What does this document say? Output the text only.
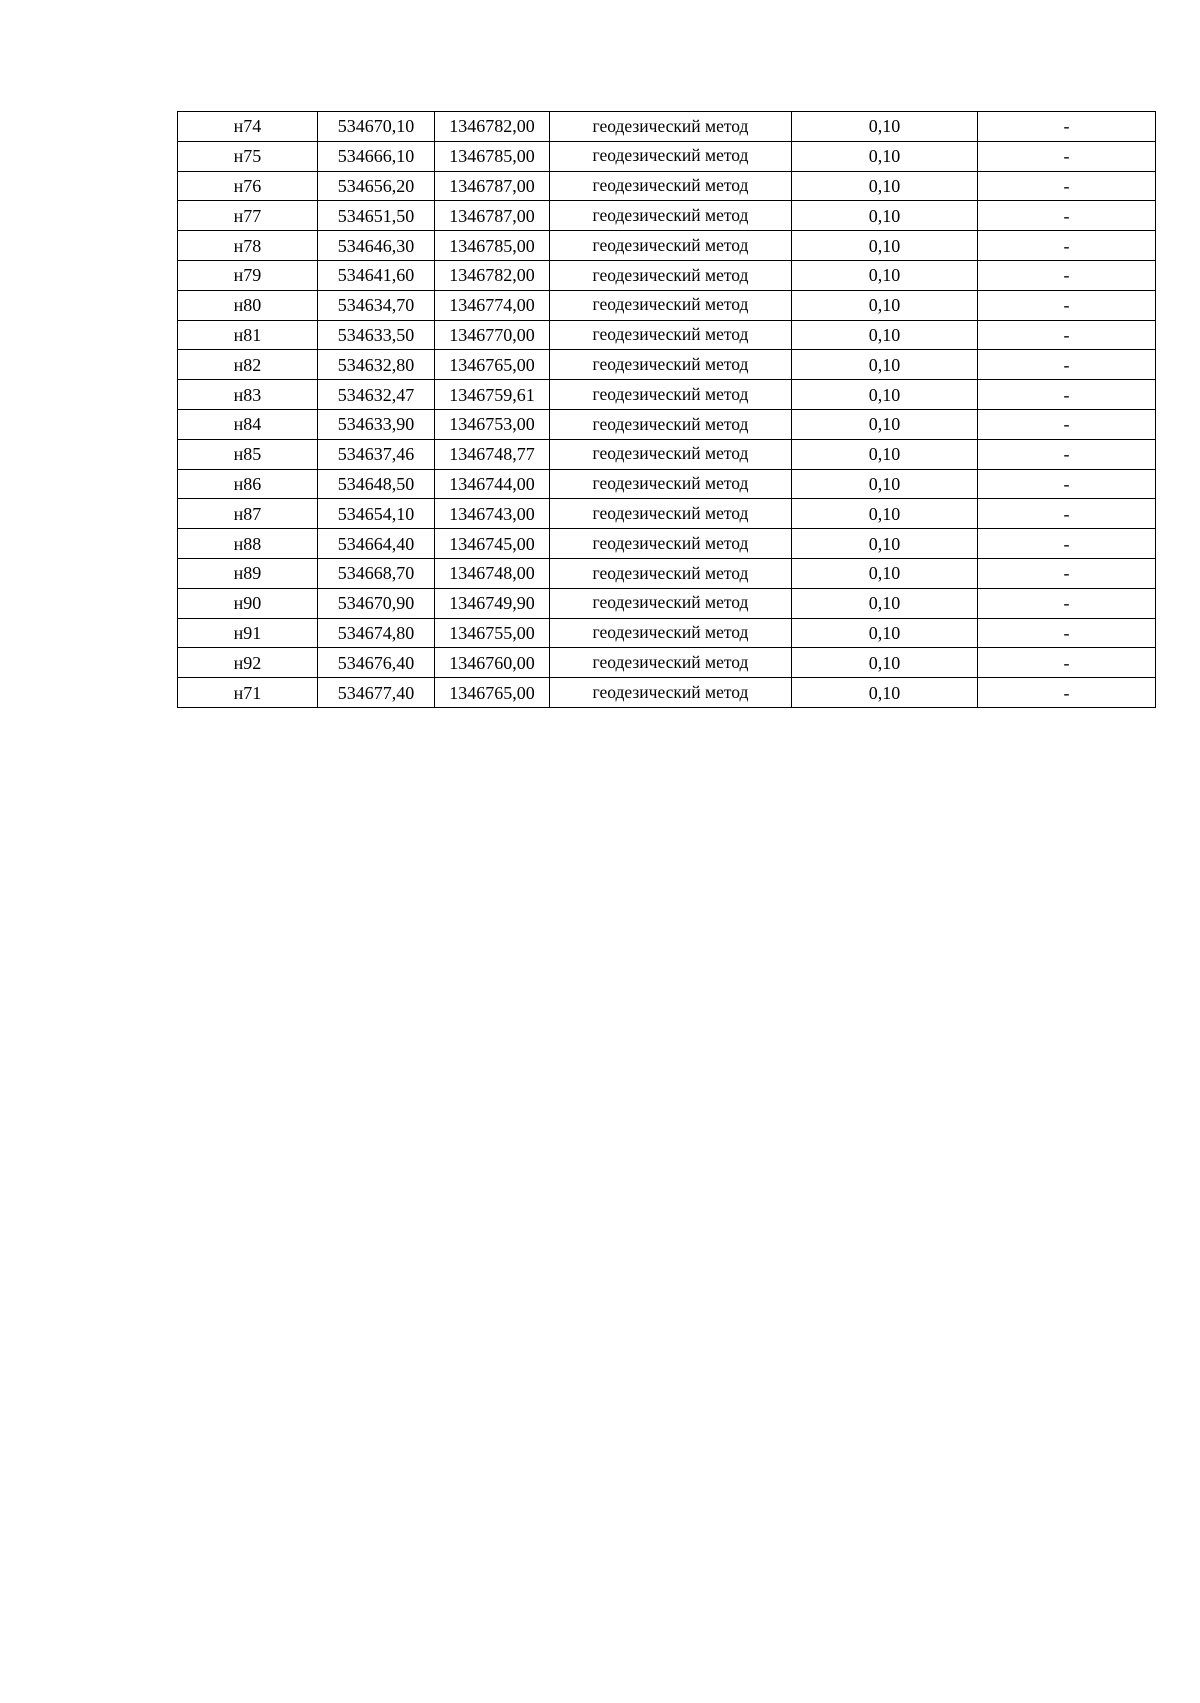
н74	534670,10	1346782,00	геодезический метод	0,10	-
н75	534666,10	1346785,00	геодезический метод	0,10	-
н76	534656,20	1346787,00	геодезический метод	0,10	-
н77	534651,50	1346787,00	геодезический метод	0,10	-
н78	534646,30	1346785,00	геодезический метод	0,10	-
н79	534641,60	1346782,00	геодезический метод	0,10	-
н80	534634,70	1346774,00	геодезический метод	0,10	-
н81	534633,50	1346770,00	геодезический метод	0,10	-
н82	534632,80	1346765,00	геодезический метод	0,10	-
н83	534632,47	1346759,61	геодезический метод	0,10	-
н84	534633,90	1346753,00	геодезический метод	0,10	-
н85	534637,46	1346748,77	геодезический метод	0,10	-
н86	534648,50	1346744,00	геодезический метод	0,10	-
н87	534654,10	1346743,00	геодезический метод	0,10	-
н88	534664,40	1346745,00	геодезический метод	0,10	-
н89	534668,70	1346748,00	геодезический метод	0,10	-
н90	534670,90	1346749,90	геодезический метод	0,10	-
н91	534674,80	1346755,00	геодезический метод	0,10	-
н92	534676,40	1346760,00	геодезический метод	0,10	-
н71	534677,40	1346765,00	геодезический метод	0,10	-
